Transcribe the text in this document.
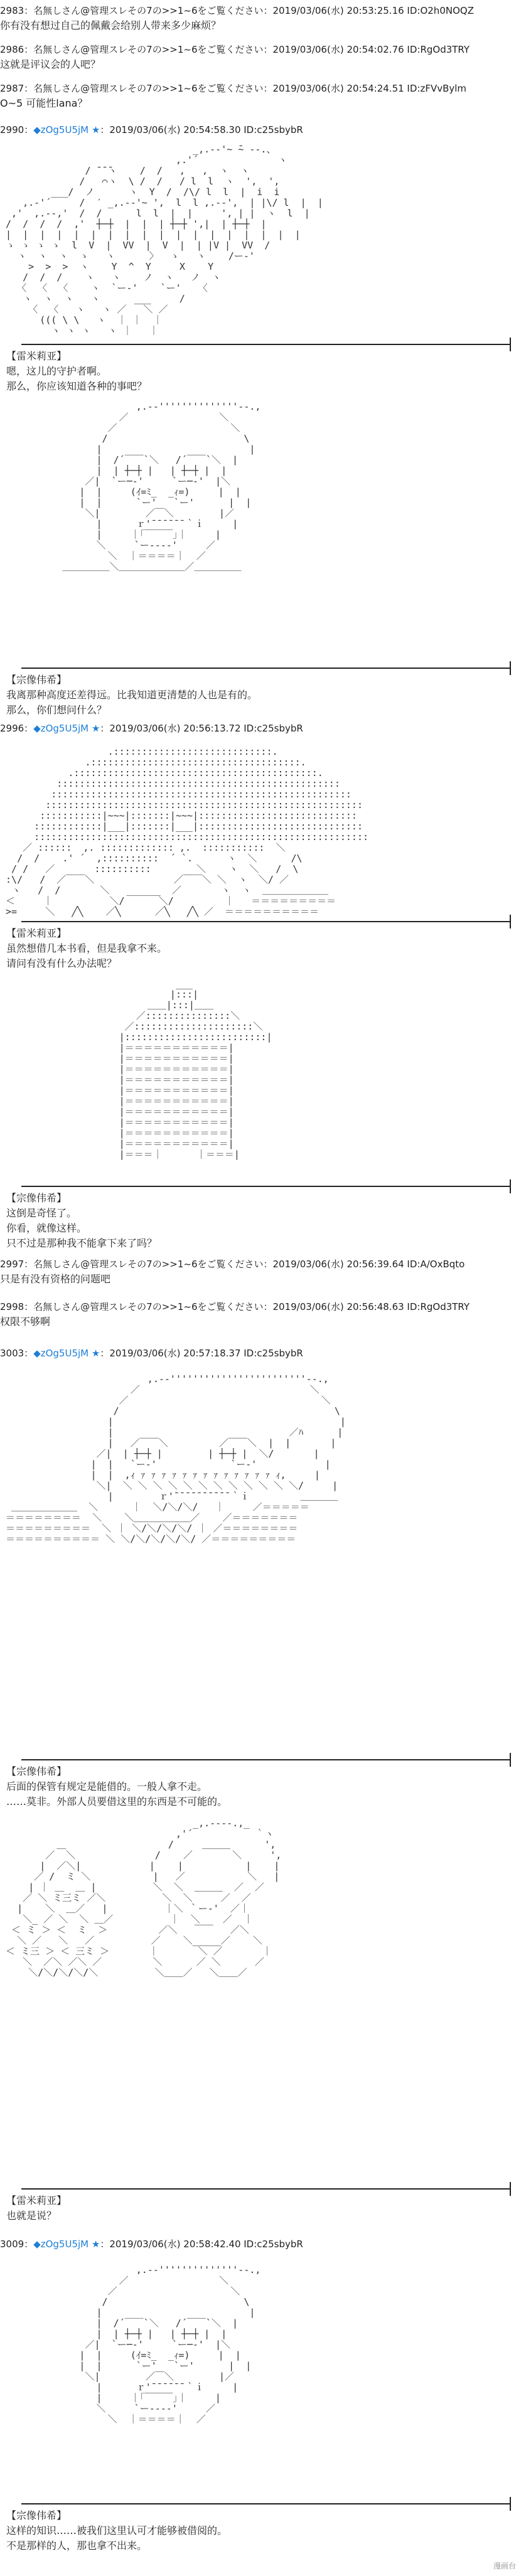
2983：名無しさん@管理スレその7の>>1~6をご覧ください：2019/03/06(水) 20:53:25.16 ID:O2h0NOQZ
你有没有想过自己的佩戴会给别人带来多少麻烦？
2986：名無しさん@管理スレその7の>>1~6をご覧ください：2019/03/06(水) 20:54:02.76 ID:RgOd3TRY
这就是评议会的人吧？
2987：名無しさん@管理スレその7の>>1~6をご覧ください：2019/03/06(水) 20:54:24.51 ID:zFVvBylm
O~5 可能性lana？
2990：◆zOg5U5jM ★：2019/03/06(水) 20:54:58.30 ID:c25sbybR
_,.-‐'~ ̄~ ‐-.、
,.'´              ヽ
/ ̄ ̄ ̄ヽ    /  /   ,   ,  ヽ  ヽ
/   ⌒ヽ  \ /  /   / l  l  ヽ  ',  ',
___/  ノ      ヽ  Y  /  /\/ l  l  |  i  i
,.-'´     /  ′ _,.-‐'~ ',  l  l ,.-‐',  | |\/ l  |  |
,'  ,.-‐,'  /  /      l  l  |  |     ', | |  ヽ  l  |
/  /  /  /  ,'  ┼─┼  |  |  | ┼─┼ ',|  | ┼─┼  |
|  |  |  |  |  |  |  |  |  |  |  |  |  |  |  |  |  |
ゝ ゝ ゝ ゝ  l  V  |  VV  |  V  |  | |V |  VV  /
ヽ  ヽ  ヽ  ゝ   ヽ      〉  ゝ   ヽ    /ー‐'
>  >  >  ヽ    Y  ^  Y     X    Y
/  /  /    ヽ   ヽ    ノ  ヽ   ノ  ヽ
〈  〈  〈    ヽ  `ー‐'    `ー'   〈
ヽ  ヽ  ヽ   ヽ      ___     /
〈  〈   ヽ   ヽ ／   ＼ ／
((( \ \   ヽ  ｜ ｜  ｜
ヽ ヽ ヽ   ヽ ｜   ｜
【雷米莉亚】
嗯，这儿的守护者啊。
那么，你应该知道各种的事吧？
,.-‐''''''''''''''‐-.,
／                ＼
／                    ＼
/                        \
|                          |
|  /´￣￣`＼   /´￣￣`＼  |
|  | ┼─┼ |   | ┼─┼ |  |
／|  `ー─‐'     `ー─‐'  |＼
|  |     (ｲ=ﾐ_  _ｨ=)     |  |
|  |      `ー'   `ー'      |  |
＼|        ／￣＼        |／
|      ｒ'¯¯¯¯¯¯｀ｉ     |
|     ｜｢￣￣￣｣｜     |
＼     `ー‐‐‐‐'     ／
＼  ｜＝＝＝＝｜  ／
＿＿＿＿＿＼＿＿＿＿＿＿＿／＿＿＿＿＿
【宗像伟希】
我离那种高度还差得远。比我知道更清楚的人也是有的。
那么，你们想问什么？
2996：◆zOg5U5jM ★：2019/03/06(水) 20:56:13.72 ID:c25sbybR
.::::::::::::::::::::::::::::.
.:::::::::::::::::::::::::::::::::::::.
.:::::::::::::::::::::::::::::::::::::::::::.
::::::::::::::::::::::::::::::::::::::::::::::::::
:::::::::::::::::::::::::::::::::::::::::::::::::::::
::::::::::::::::::::::::::::::::::::::::::::::::::::::::
:::::::::::|~~~|:::::::|~~~|::::::::::::::::::::::::::::
::::::::::::|___|:::::::|___|:::::::::::::::::::::::::::::
:::::::::::::::::::::::::::::::::::::::::::::::::::::::::::
／ ::::::  ,. ::::::::::::: ,.  :::::::::::  ＼
/  /    .' ´  ,::::::::::  ´ `.      ヽ  ＼      /\
/ /   ／       ::::::::::        ＼    ヽ  ＼   /  \
:\/   /  ／￣￣＼              ／￣￣＼ ＼  ヽ  ＼/ ／
ヽ   /  /       ＼   ______  ／       ヽ  ヽ  ＿＿＿＿＿＿＿
＜     ｜          ＼/      ＼/         ｜   ＝＝＝＝＝＝＝＝＝
>=     ＼   ╱╲    ／╲      ／╲   ╱╲ ／  ＝＝＝＝＝＝＝＝＝＝
【雷米莉亚】
虽然想借几本书看，但是我拿不来。
请问有没有什么办法呢？
___
|:::|
＿＿|:::|＿＿
／:::::::::::::::＼
／:::::::::::::::::::::＼
|:::::::::::::::::::::::::|
|＝＝＝＝＝＝＝＝＝＝＝|
|＝＝＝＝＝＝＝＝＝＝＝|
|＝＝＝＝＝＝＝＝＝＝＝|
|＝＝＝＝＝＝＝＝＝＝＝|
|＝＝＝＝＝＝＝＝＝＝＝|
|＝＝＝＝＝＝＝＝＝＝＝|
|＝＝＝＝＝＝＝＝＝＝＝|
|＝＝＝＝＝＝＝＝＝＝＝|
|＝＝＝＝＝＝＝＝＝＝＝|
|＝＝＝＝＝＝＝＝＝＝＝|
|＝＝＝｜      ｜＝＝＝|
【宗像伟希】
这倒是奇怪了。
你看，就像这样。
只不过是那种我不能拿下来了吗？
2997：名無しさん@管理スレその7の>>1~6をご覧ください：2019/03/06(水) 20:56:39.64 ID:A/OxBqto
只是有没有资格的问题吧
2998：名無しさん@管理スレその7の>>1~6をご覧ください：2019/03/06(水) 20:56:48.63 ID:RgOd3TRY
权限不够啊
3003：◆zOg5U5jM ★：2019/03/06(水) 20:57:18.37 ID:c25sbybR
,.-‐''''''''''''''''''''''''‐-.,
／                              ＼
／                                  ＼
/                                      \
|                                        |
|                               ／ﾊ      |
|   ／￣￣＼         ／￣￣＼  |  |       |
／|  | ┼─┼ |        | ┼─┼ |  ＼/       |
|  |   `ー‐'             `ー‐'            |
|  |  ,ｨ ｧ ｧ ｧ ｧ ｧ ｧ ｧ ｧ ｧ ｧ ｧ ｧ ｧ ｨ,     |
＼|  ＼ ＼ ＼ ＼ ＼ ＼ ＼ ＼ ＼ ＼ ＼ ＼/     |
|        ｒ'¯¯¯¯¯¯¯¯¯¯｀ｉ         ＿＿＿＿
＿＿＿＿＿＿＿  ＼      ｜  ＼/＼/＼/   ｜     ／＝＝＝＝＝
＝＝＝＝＝＝＝＝  ＼    ＼＿＿＿＿＿＿／    ／＝＝＝＝＝＝＝
＝＝＝＝＝＝＝＝＝  ＼ ｜ ＼/＼/＼/＼/ ｜ ／＝＝＝＝＝＝＝＝
＝＝＝＝＝＝＝＝＝＝ ＼ ＼/＼/＼/＼/＼/ ／＝＝＝＝＝＝＝＝＝
【宗像伟希】
后面的保管有规定是能借的。一般人拿不走。
……莫非。外部人员要借这里的东西是不可能的。
_,.-‐‐-.,_
,'´           ｀ヽ
＿                  /     ＿＿＿      ',
／  ＼              /    ／       ＼     ',
|  ／＼|            |    |           |    |
／ /  ミ ＼           |   ／           ＼   |
| ｜ ＿  ＿ |          ＼  ＼  ＿＿＿  ／  ／
／ ＼ ミ三ミ ／＼          ＼  ＼     ／  ／
|    ＼  ＿／   |          ｜＼ ｀ー‐'  ／｜
＼_ ／ ＼  ＼ ＿／          ｜  ＼    ／  ｜
＜ ミ ＞ ＜  ミ  ＞         ／＼   ￣￣   ／＼
＼ ／   ＼   ／          ／    ＼_____／    ＼
＜ ミ三 ＞ ＜ 三ミ ＞       ｜       ＼ ／       ｜
＼  ／＼ ／＼ ／         ＼      ／ ＼      ／
＼/＼/＼/＼/＼          ＼＿＿／   ＼＿＿／
【雷米莉亚】
也就是说？
3009：◆zOg5U5jM ★：2019/03/06(水) 20:58:42.40 ID:c25sbybR
,.-‐''''''''''''''‐-.,
／                ＼
／                    ＼
/                        \
|                          |
|  /´￣￣`＼   /´￣￣`＼  |
|  | ┼─┼ |   | ┼─┼ |  |
／|  `ー─‐'     `ー─‐'  |＼
|  |     (ｲ=ﾐ_  _ｨ=)     |  |
|  |      `ー'   `ー'      |  |
＼|        ／￣＼        |／
|      ｒ'¯¯¯¯¯¯｀ｉ     |
|     ｜｢￣￣￣｣｜     |
＼     `ー‐‐‐‐'     ／
＼  ｜＝＝＝＝｜  ／
【宗像伟希】
这样的知识……被我们这里认可才能够被借阅的。
不是那样的人，那也拿不出来。
漫画台
